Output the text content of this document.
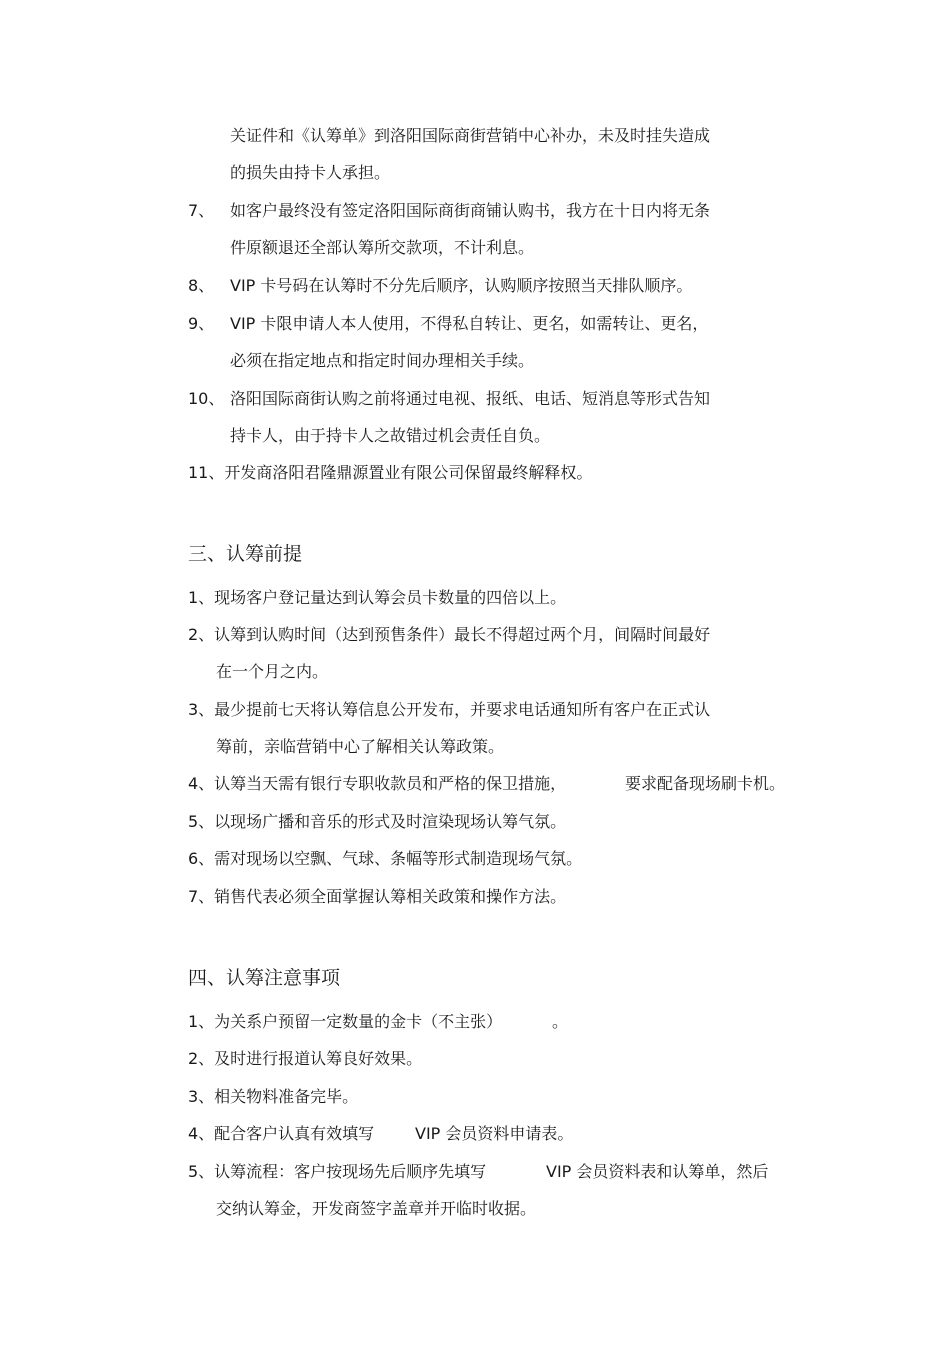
关证件和《认筹单》到洛阳国际商街营销中心补办，未及时挂失造成
的损失由持卡人承担。
7、 如客户最终没有签定洛阳国际商街商铺认购书，我方在十日内将无条
件原额退还全部认筹所交款项，不计利息。
8、 VIP 卡号码在认筹时不分先后顺序，认购顺序按照当天排队顺序。
9、 VIP 卡限申请人本人使用，不得私自转让、更名，如需转让、更名，
必须在指定地点和指定时间办理相关手续。
10、 洛阳国际商街认购之前将通过电视、报纸、电话、短消息等形式告知
持卡人，由于持卡人之故错过机会责任自负。
11、开发商洛阳君隆鼎源置业有限公司保留最终解释权。
三、认筹前提
1、现场客户登记量达到认筹会员卡数量的四倍以上。
2、认筹到认购时间（达到预售条件）最长不得超过两个月，间隔时间最好
在一个月之内。
3、最少提前七天将认筹信息公开发布，并要求电话通知所有客户在正式认
筹前，亲临营销中心了解相关认筹政策。
4、认筹当天需有银行专职收款员和严格的保卫措施，	要求配备现场刷卡机。
5、以现场广播和音乐的形式及时渲染现场认筹气氛。
6、需对现场以空飘、气球、条幅等形式制造现场气氛。
7、销售代表必须全面掌握认筹相关政策和操作方法。
四、认筹注意事项
1、为关系户预留一定数量的金卡（不主张）	。
2、及时进行报道认筹良好效果。
3、相关物料准备完毕。
4、配合客户认真有效填写	VIP 会员资料申请表。
5、认筹流程：客户按现场先后顺序先填写	VIP 会员资料表和认筹单，然后
交纳认筹金，开发商签字盖章并开临时收据。
